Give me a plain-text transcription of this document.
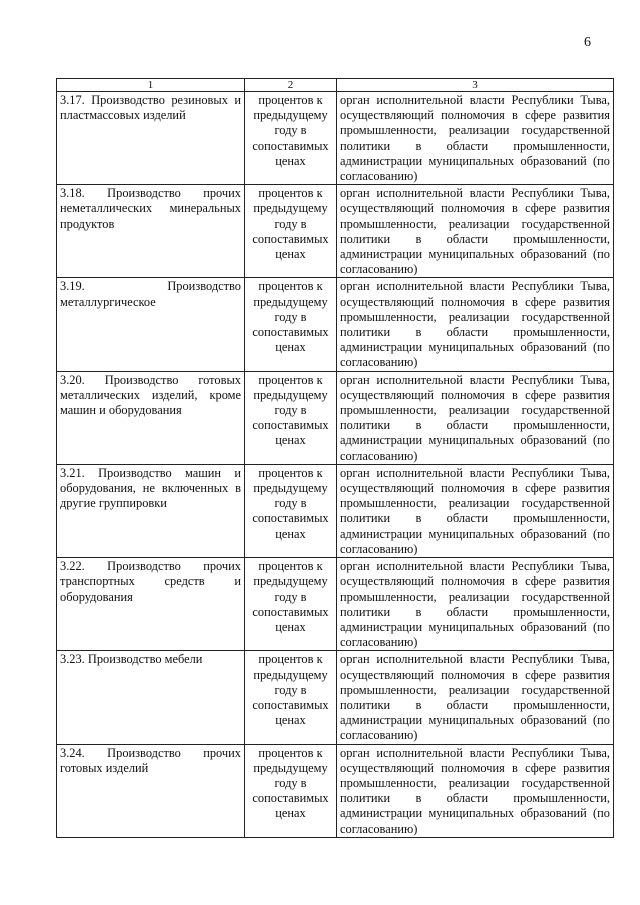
6
1	2	3

3.17. Производство резиновых и пластмассовых изделий	процентов к предыдущему году в сопоставимых ценах	орган исполнительной власти Республики Тыва, осуществляющий полномочия в сфере развития промышленности, реализации государственной политики в области промышленности, администрации муниципальных образований (по согласованию)

3.18. Производство прочих неметаллических минеральных продуктов	процентов к предыдущему году в сопоставимых ценах	орган исполнительной власти Республики Тыва, осуществляющий полномочия в сфере развития промышленности, реализации государственной политики в области промышленности, администрации муниципальных образований (по согласованию)

3.19. Производство металлургическое	процентов к предыдущему году в сопоставимых ценах	орган исполнительной власти Республики Тыва, осуществляющий полномочия в сфере развития промышленности, реализации государственной политики в области промышленности, администрации муниципальных образований (по согласованию)

3.20. Производство готовых металлических изделий, кроме машин и оборудования	процентов к предыдущему году в сопоставимых ценах	орган исполнительной власти Республики Тыва, осуществляющий полномочия в сфере развития промышленности, реализации государственной политики в области промышленности, администрации муниципальных образований (по согласованию)

3.21. Производство машин и оборудования, не включенных в другие группировки	процентов к предыдущему году в сопоставимых ценах	орган исполнительной власти Республики Тыва, осуществляющий полномочия в сфере развития промышленности, реализации государственной политики в области промышленности, администрации муниципальных образований (по согласованию)

3.22. Производство прочих транспортных средств и оборудования	процентов к предыдущему году в сопоставимых ценах	орган исполнительной власти Республики Тыва, осуществляющий полномочия в сфере развития промышленности, реализации государственной политики в области промышленности, администрации муниципальных образований (по согласованию)

3.23. Производство мебели	процентов к предыдущему году в сопоставимых ценах	орган исполнительной власти Республики Тыва, осуществляющий полномочия в сфере развития промышленности, реализации государственной политики в области промышленности, администрации муниципальных образований (по согласованию)

3.24. Производство прочих готовых изделий	процентов к предыдущему году в сопоставимых ценах	орган исполнительной власти Республики Тыва, осуществляющий полномочия в сфере развития промышленности, реализации государственной политики в области промышленности, администрации муниципальных образований (по согласованию)
